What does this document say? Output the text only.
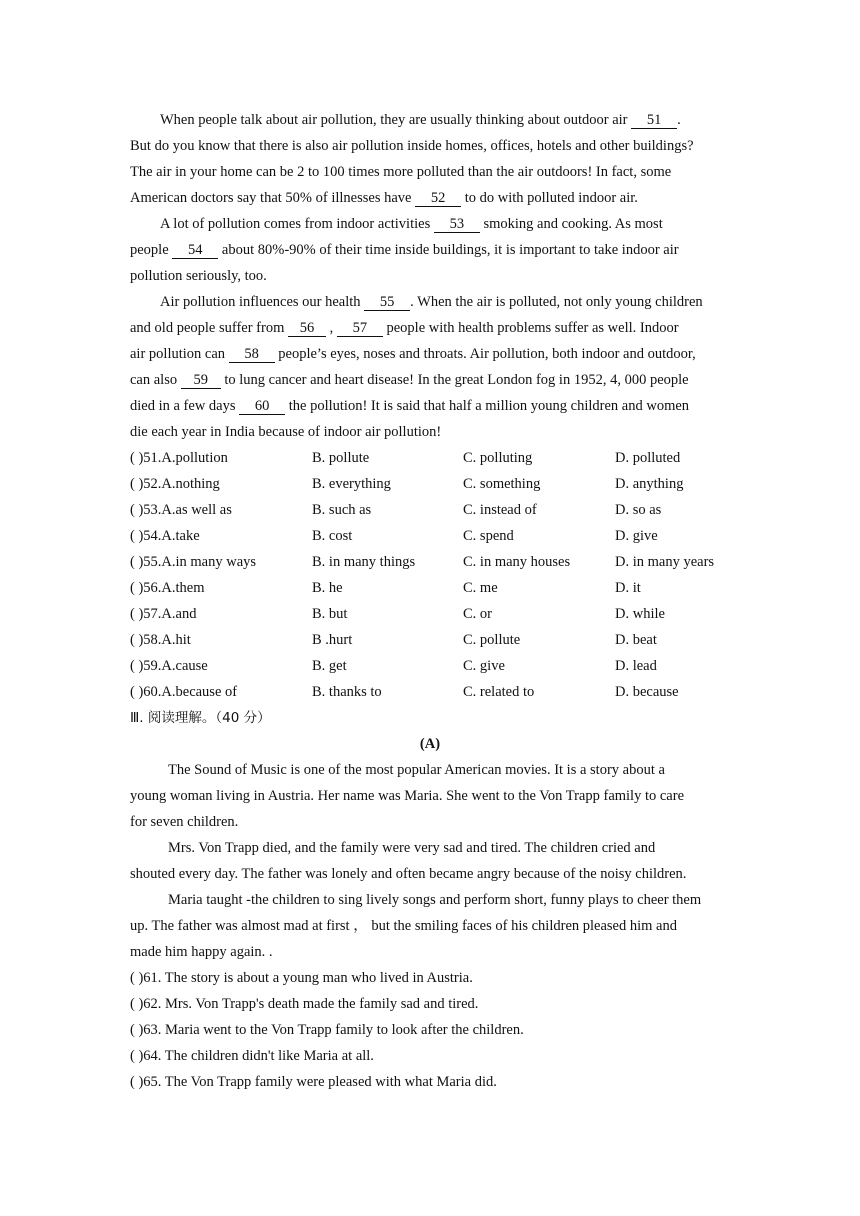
When people talk about air pollution, they are usually thinking about outdoor air 51 .
But do you know that there is also air pollution inside homes, offices, hotels and other buildings?
The air in your home can be 2 to 100 times more polluted than the air outdoors! In fact, some
American doctors say that 50% of illnesses have 52 to do with polluted indoor air.
A lot of pollution comes from indoor activities 53 smoking and cooking. As most
people 54 about 80%-90% of their time inside buildings, it is important to take indoor air
pollution seriously, too.
Air pollution influences our health 55 . When the air is polluted, not only young children
and old people suffer from 56 , 57 people with health problems suffer as well. Indoor
air pollution can 58 people’s eyes, noses and throats. Air pollution, both indoor and outdoor,
can also 59 to lung cancer and heart disease! In the great London fog in 1952, 4, 000 people
died in a few days 60 the pollution! It is said that half a million young children and women
die each year in India because of indoor air pollution!
( )51.A.pollution	B. pollute	C. polluting	D. polluted
( )52.A.nothing	B. everything	C. something	D. anything
( )53.A.as well as	B. such as	C. instead of	D. so as
( )54.A.take	B. cost	C. spend	D. give
( )55.A.in many ways	B. in many things	C. in many houses	D. in many years
( )56.A.them	B. he	C. me	D. it
( )57.A.and	B. but	C. or	D. while
( )58.A.hit	B .hurt	C. pollute	D. beat
( )59.A.cause	B. get	C. give	D. lead
( )60.A.because of	B. thanks to	C. related to	D. because
Ⅲ. 阅读理解。（40 分）
(A)
The Sound of Music is one of the most popular American movies. It is a story about a
young woman living in Austria. Her name was Maria. She went to the Von Trapp family to care
for seven children.
Mrs. Von Trapp died, and the family were very sad and tired. The children cried and
shouted every day. The father was lonely and often became angry because of the noisy children.
Maria taught -the children to sing lively songs and perform short, funny plays to cheer them
up. The father was almost mad at first ， but the smiling faces of his children pleased him and
made him happy again. .
( )61. The story is about a young man who lived in Austria.
( )62. Mrs. Von Trapp's death made the family sad and tired.
( )63. Maria went to the Von Trapp family to look after the children.
( )64. The children didn't like Maria at all.
( )65. The Von Trapp family were pleased with what Maria did.
